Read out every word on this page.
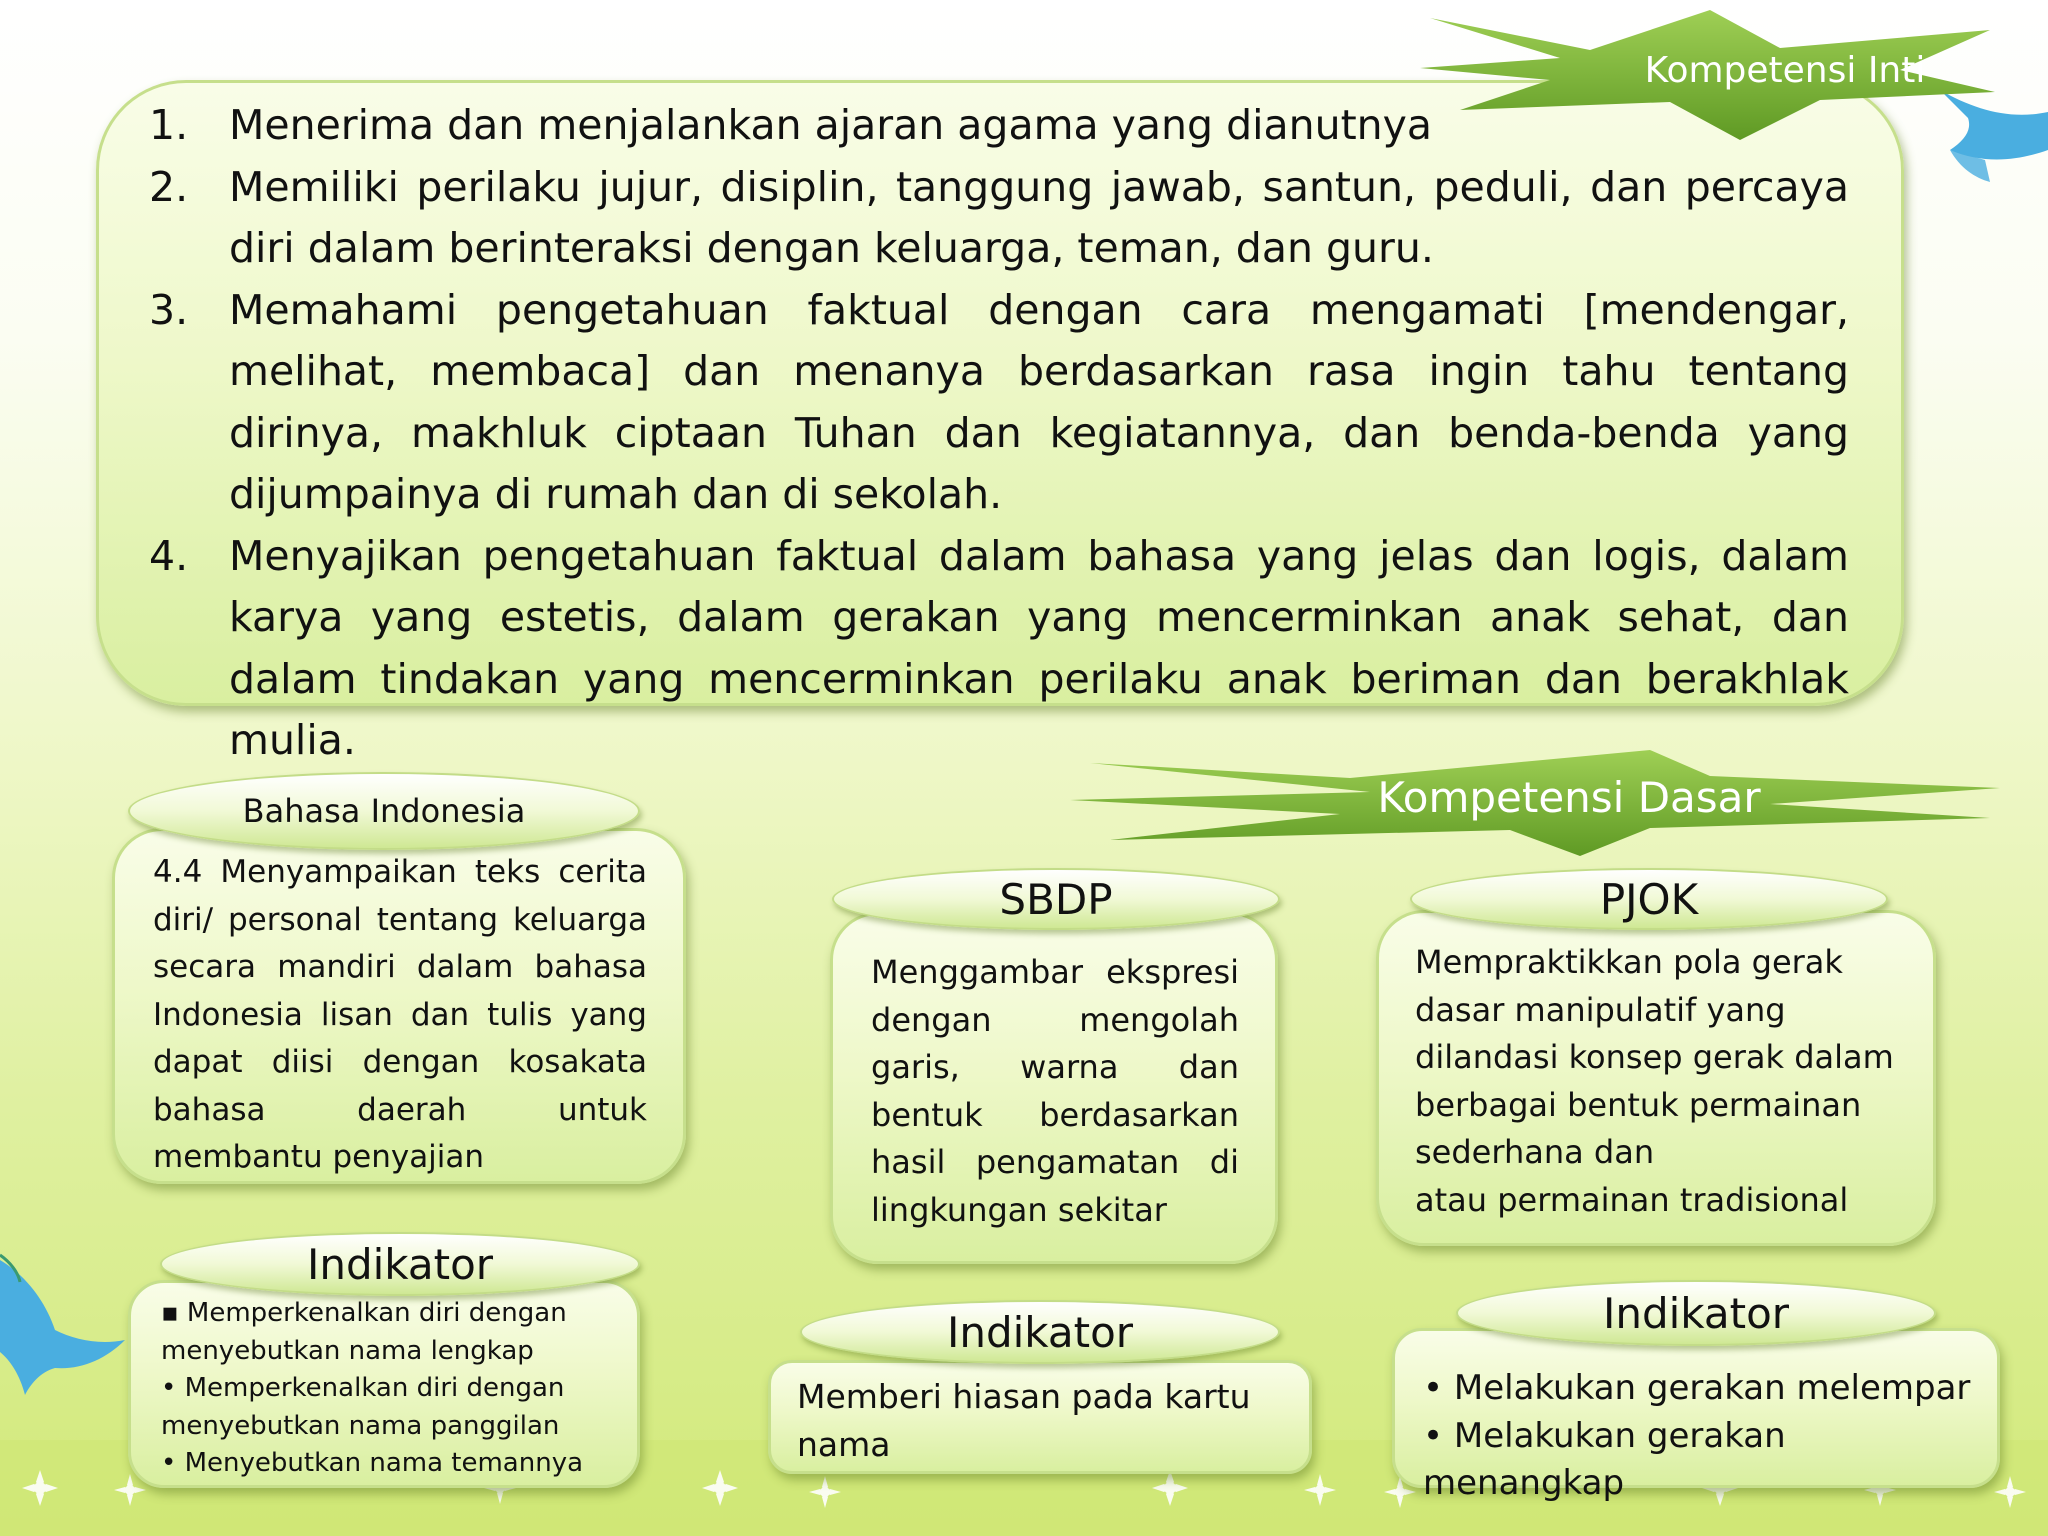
1. Menerima dan menjalankan ajaran agama yang dianutnya
2. Memiliki perilaku jujur, disiplin, tanggung jawab, santun, peduli, dan percaya diri dalam berinteraksi dengan keluarga, teman, dan guru.
3. Memahami pengetahuan faktual dengan cara mengamati [mendengar, melihat, membaca] dan menanya berdasarkan rasa ingin tahu tentang dirinya, makhluk ciptaan Tuhan dan kegiatannya, dan benda-benda yang dijumpainya di rumah dan di sekolah.
4. Menyajikan pengetahuan faktual dalam bahasa yang jelas dan logis, dalam karya yang estetis, dalam gerakan yang mencerminkan anak sehat, dan dalam tindakan yang mencerminkan perilaku anak beriman dan berakhlak mulia.
Kompetensi Inti
Kompetensi Dasar
4.4 Menyampaikan teks cerita diri/ personal tentang keluarga secara mandiri dalam bahasa Indonesia lisan dan tulis yang dapat diisi dengan kosakata bahasa daerah untuk membantu penyajian
Bahasa Indonesia
Menggambar ekspresi dengan mengolah garis, warna dan bentuk berdasarkan hasil pengamatan di lingkungan sekitar
SBDP
Mempraktikkan pola gerak
dasar manipulatif yang
dilandasi konsep gerak dalam
berbagai bentuk permainan
sederhana dan
atau permainan tradisional
PJOK
▪ Memperkenalkan diri dengan menyebutkan nama lengkap
• Memperkenalkan diri dengan menyebutkan nama panggilan
• Menyebutkan nama temannya
Indikator
Memberi hiasan pada kartu nama
Indikator
• Melakukan gerakan melempar
• Melakukan gerakan menangkap
Indikator
